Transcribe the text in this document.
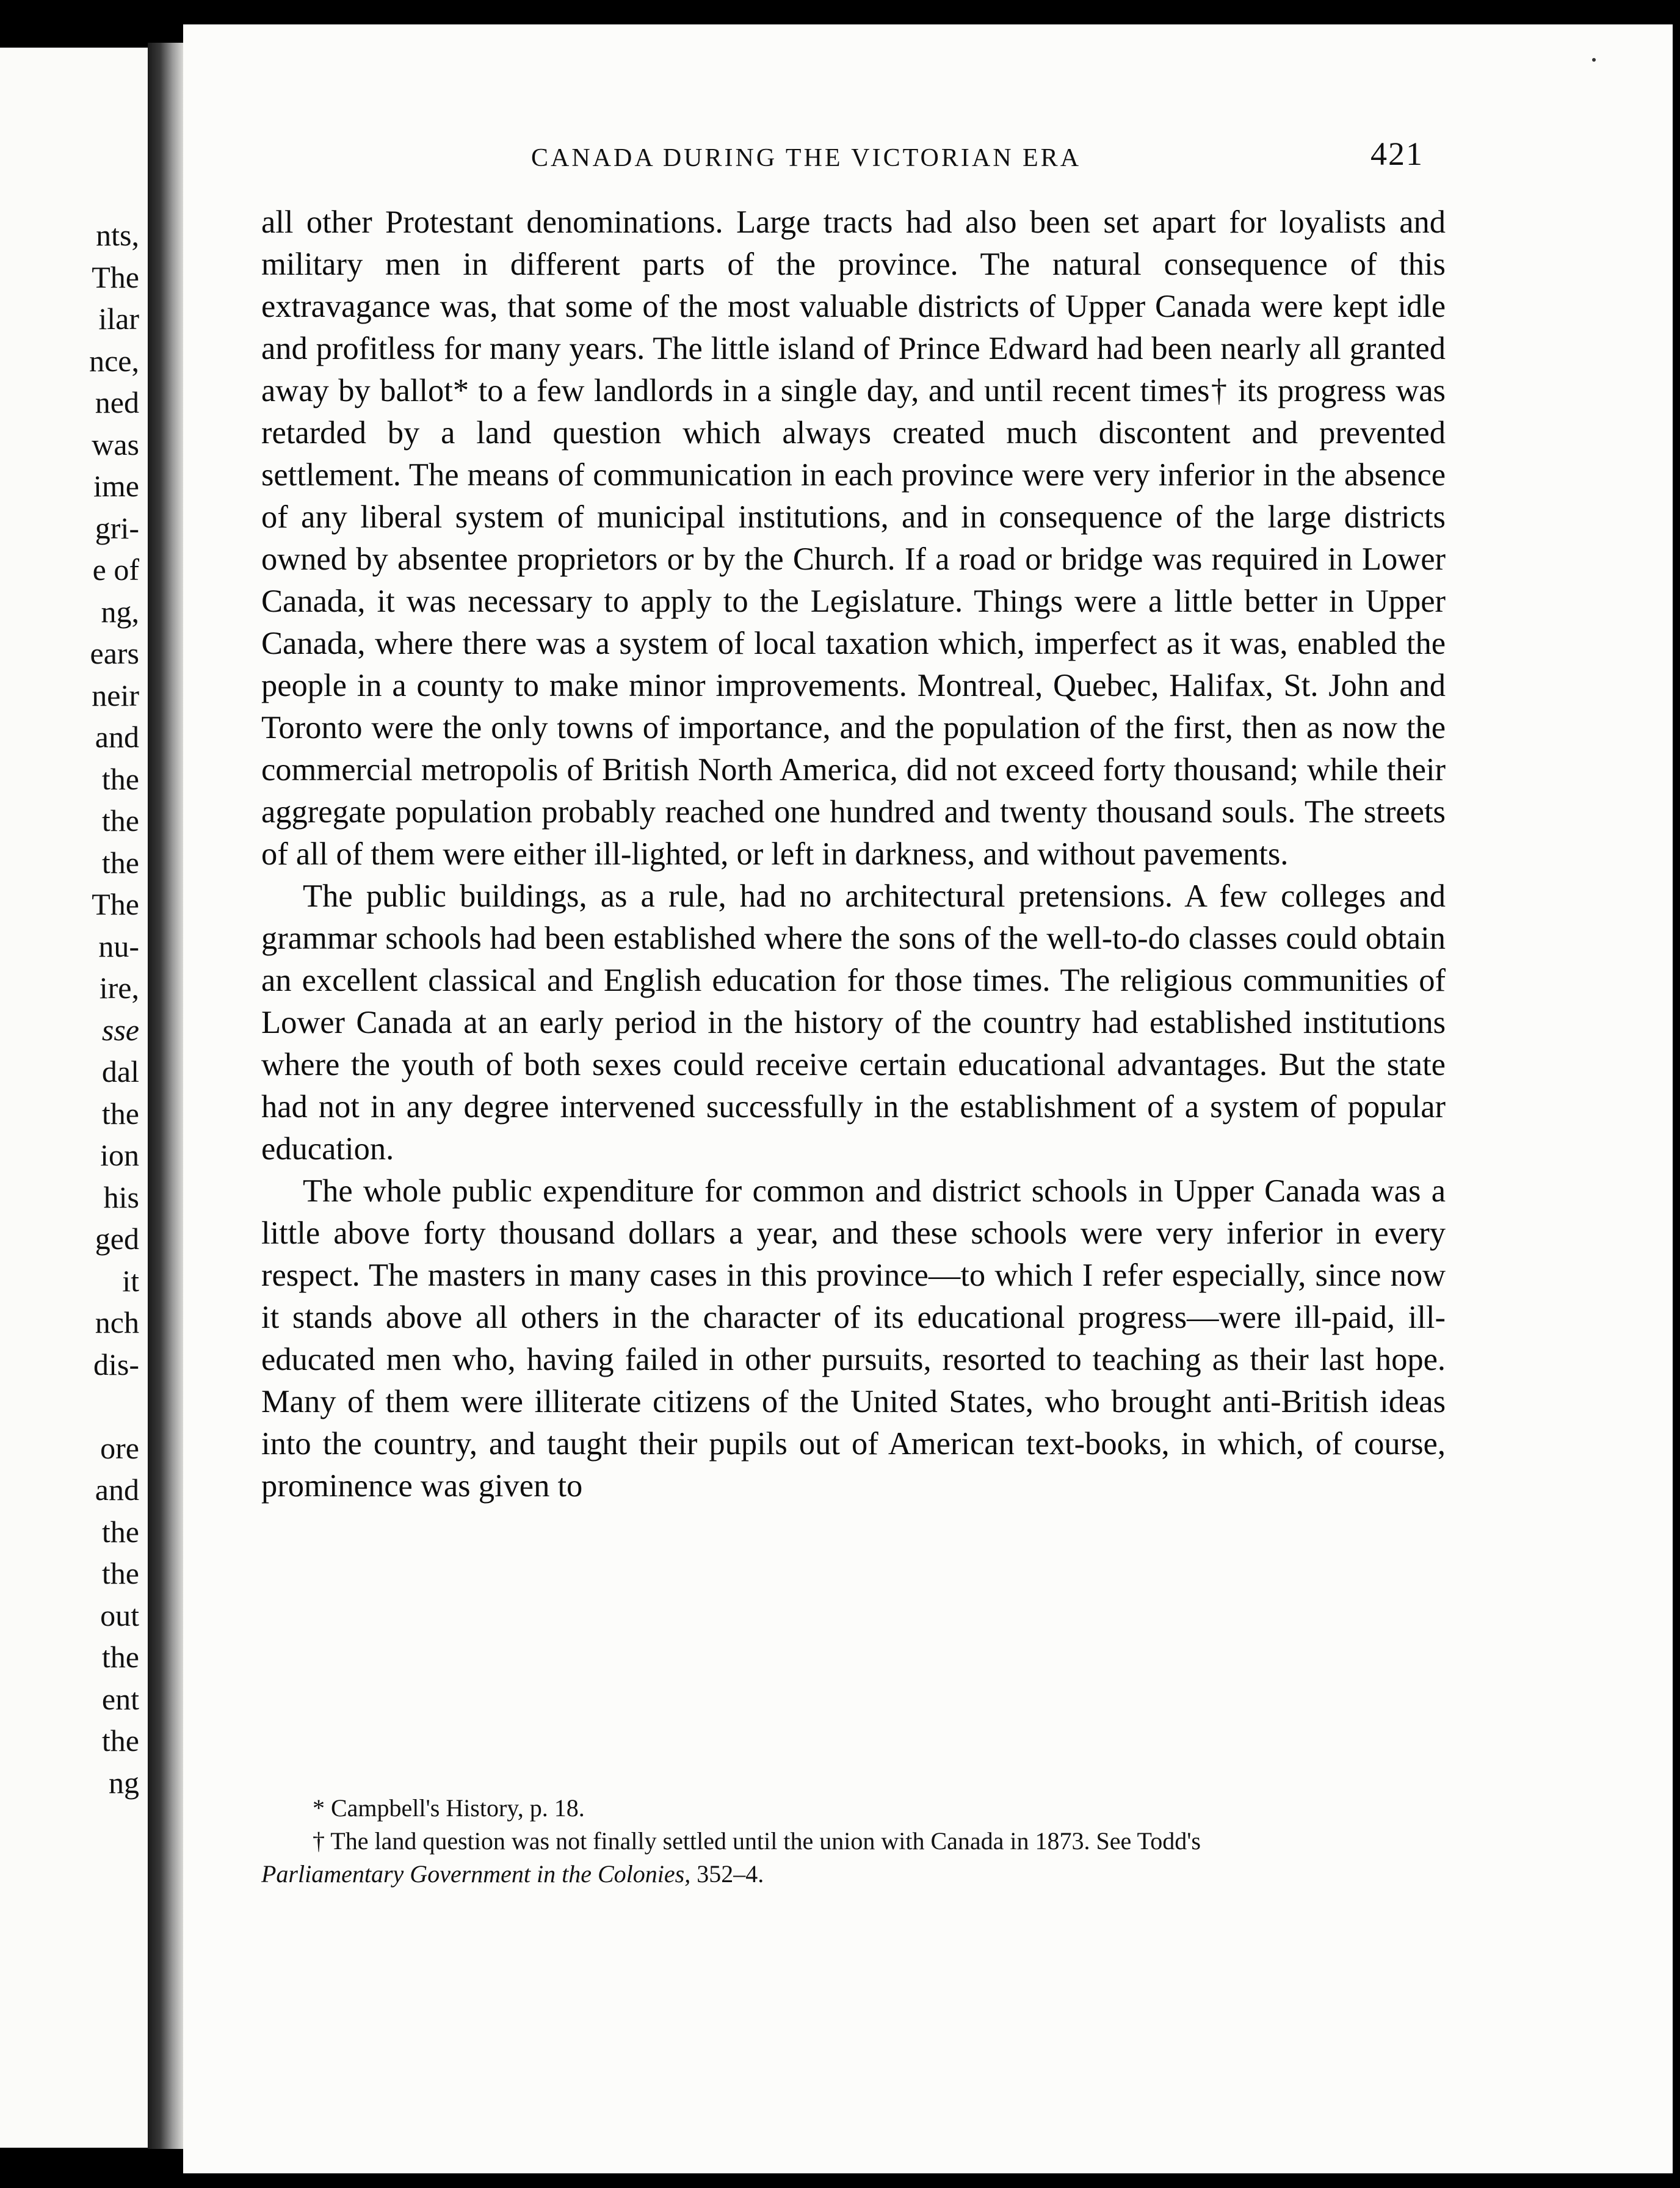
nts,
The
ilar
nce,
ned
was
ime
gri-
e of
ng,
ears
neir
and
the
the
the
The
nu-
ire,
sse
dal
the
ion
his
ged
it
nch
dis-
ore
and
the
the
out
the
ent
the
ng
CANADA DURING THE VICTORIAN ERA	421

all other Protestant denominations. Large tracts had also been set apart for loyalists and military men in different parts of the province. The natural consequence of this extravagance was, that some of the most valuable districts of Upper Canada were kept idle and profitless for many years. The little island of Prince Edward had been nearly all granted away by ballot* to a few landlords in a single day, and until recent times† its progress was retarded by a land question which always created much discontent and prevented settlement. The means of communication in each province were very inferior in the absence of any liberal system of municipal institutions, and in consequence of the large districts owned by absentee proprietors or by the Church. If a road or bridge was required in Lower Canada, it was necessary to apply to the Legislature. Things were a little better in Upper Canada, where there was a system of local taxation which, imperfect as it was, enabled the people in a county to make minor improvements. Montreal, Quebec, Halifax, St. John and Toronto were the only towns of importance, and the population of the first, then as now the commercial metropolis of British North America, did not exceed forty thousand; while their aggregate population probably reached one hundred and twenty thousand souls. The streets of all of them were either ill-lighted, or left in darkness, and without pavements.

The public buildings, as a rule, had no architectural pretensions. A few colleges and grammar schools had been established where the sons of the well-to-do classes could obtain an excellent classical and English education for those times. The religious communities of Lower Canada at an early period in the history of the country had established institutions where the youth of both sexes could receive certain educational advantages. But the state had not in any degree intervened successfully in the establishment of a system of popular education.

The whole public expenditure for common and district schools in Upper Canada was a little above forty thousand dollars a year, and these schools were very inferior in every respect. The masters in many cases in this province—to which I refer especially, since now it stands above all others in the character of its educational progress—were ill-paid, ill-educated men who, having failed in other pursuits, resorted to teaching as their last hope. Many of them were illiterate citizens of the United States, who brought anti-British ideas into the country, and taught their pupils out of American text-books, in which, of course, prominence was given to

* Campbell's History, p. 18.

† The land question was not finally settled until the union with Canada in 1873. See Todd's

Parliamentary Government in the Colonies, 352–4.
